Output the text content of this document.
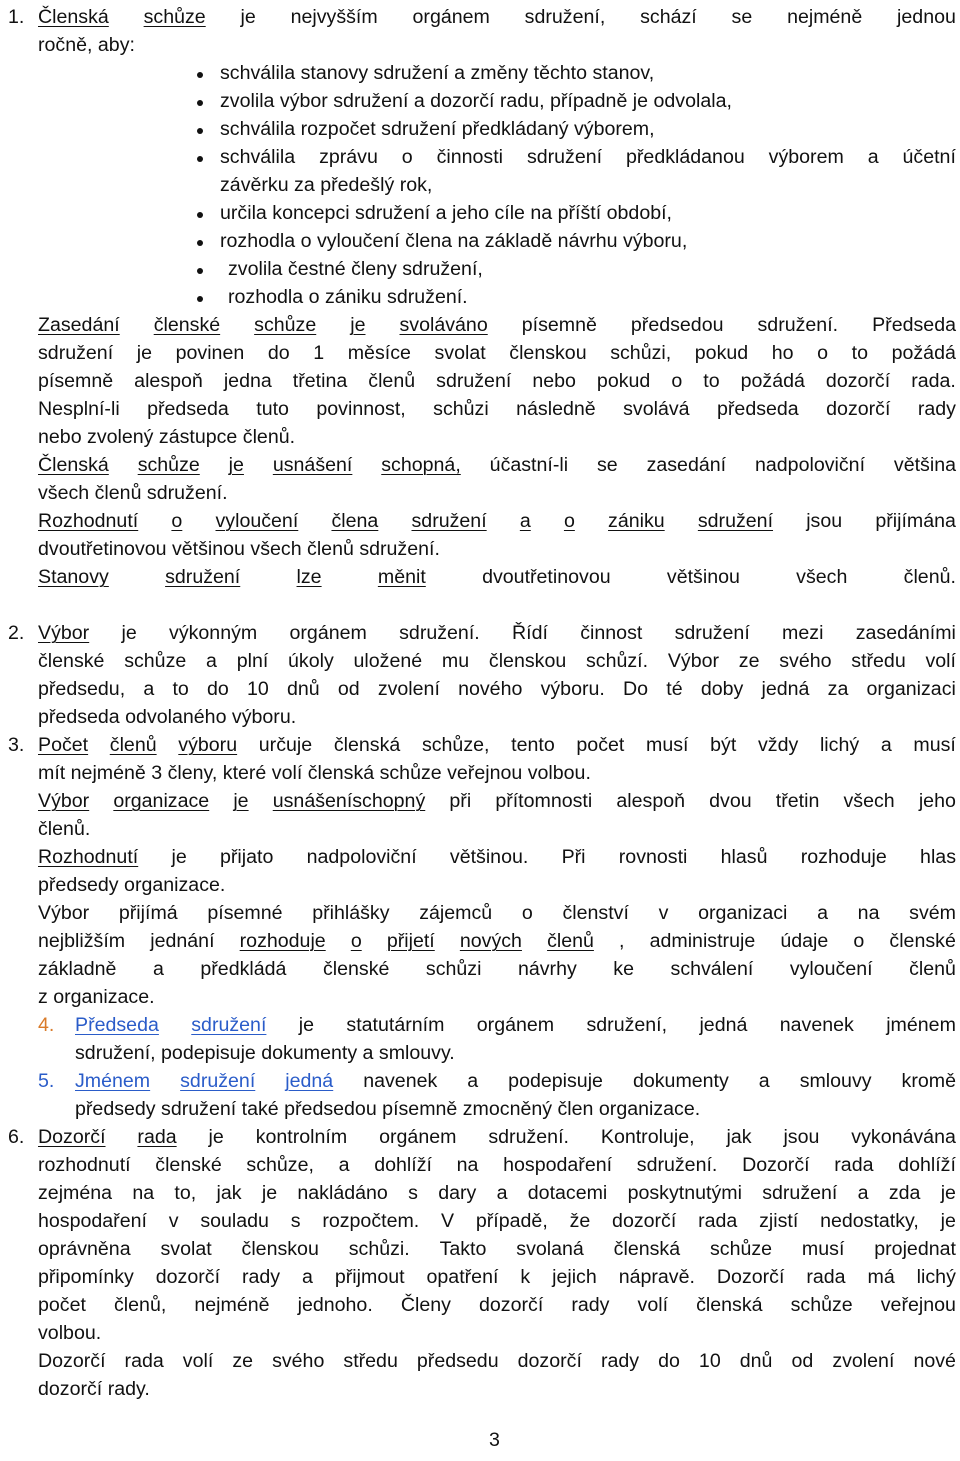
1. Členská schůze je nejvyšším orgánem sdružení, schází se nejméně jednou
ročně, aby:
schválila stanovy sdružení a změny těchto stanov,
zvolila výbor sdružení a dozorčí radu, případně je odvolala,
schválila rozpočet sdružení předkládaný výborem,
schválila zprávu o činnosti sdružení předkládanou výborem a účetní
závěrku za předešlý rok,
určila koncepci sdružení a jeho cíle na příští období,
rozhodla o vyloučení člena na základě návrhu výboru,
zvolila čestné členy sdružení,
rozhodla o zániku sdružení.
Zasedání členské schůze je svoláváno písemně předsedou sdružení. Předseda
sdružení je povinen do 1 měsíce svolat členskou schůzi, pokud ho o to požádá
písemně alespoň jedna třetina členů sdružení nebo pokud o to požádá dozorčí rada.
Nesplní-li předseda tuto povinnost, schůzi následně svolává předseda dozorčí rady
nebo zvolený zástupce členů.
Členská schůze je usnášení schopná, účastní-li se zasedání nadpoloviční většina
všech členů sdružení.
Rozhodnutí o vyloučení člena sdružení a o zániku sdružení jsou přijímána
dvoutřetinovou většinou všech členů sdružení.
Stanovy	sdružení	lze	měnit	dvoutřetinovou	většinou	všech	členů.
2. Výbor je výkonným orgánem sdružení. Řídí činnost sdružení mezi zasedáními
členské schůze a plní úkoly uložené mu členskou schůzí. Výbor ze svého středu volí
předsedu, a to do 10 dnů od zvolení nového výboru. Do té doby jedná za organizaci
předseda odvolaného výboru.
3. Počet členů výboru určuje členská schůze, tento počet musí být vždy lichý a musí
mít nejméně 3 členy, které volí členská schůze veřejnou volbou.
Výbor organizace je usnášeníschopný při přítomnosti alespoň dvou třetin všech jeho
členů.
Rozhodnutí je přijato nadpoloviční většinou. Při rovnosti hlasů rozhoduje hlas
předsedy organizace.
Výbor přijímá písemné přihlášky zájemců o členství v organizaci a na svém
nejbližším jednání rozhoduje o přijetí nových členů , administruje údaje o členské
základně a předkládá členské schůzi návrhy ke schválení vyloučení členů
z organizace.
4. Předseda sdružení je statutárním orgánem sdružení, jedná navenek jménem
sdružení, podepisuje dokumenty a smlouvy.
5. Jménem sdružení jedná navenek a podepisuje dokumenty a smlouvy kromě
předsedy sdružení také předsedou písemně zmocněný člen organizace.
6. Dozorčí rada je kontrolním orgánem sdružení. Kontroluje, jak jsou vykonávána
rozhodnutí členské schůze, a dohlíží na hospodaření sdružení. Dozorčí rada dohlíží
zejména na to, jak je nakládáno s dary a dotacemi poskytnutými sdružení a zda je
hospodaření v souladu s rozpočtem. V případě, že dozorčí rada zjistí nedostatky, je
oprávněna svolat členskou schůzi. Takto svolaná členská schůze musí projednat
připomínky dozorčí rady a přijmout opatření k jejich nápravě. Dozorčí rada má lichý
počet členů, nejméně jednoho. Členy dozorčí rady volí členská schůze veřejnou
volbou.
Dozorčí rada volí ze svého středu předsedu dozorčí rady do 10 dnů od zvolení nové
dozorčí rady.
3
